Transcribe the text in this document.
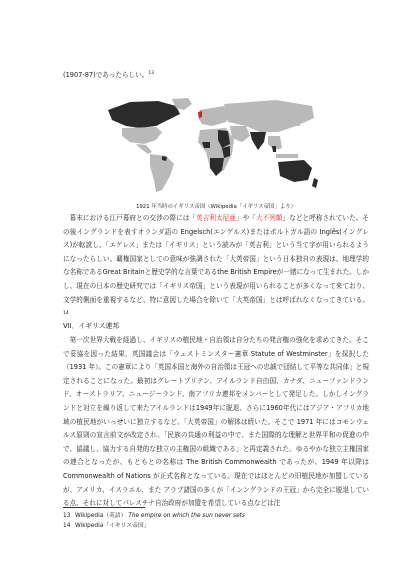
(1907-87)であったらしい。$^{13}$

1921 年当時のイギリス帝国（Wikipedia「イギリス帝国」より）

幕末における江戸幕府との交渉の際には「英吉利太尼亜」や「大不列顛」などと呼称されていた。その後イングランドを表すオランダ語の Engelsch(エンゲルス)またはポルトガル語の Inglês(イングレス)が転訛し、「エゲレス」または「イギリス」という読みが「英吉利」という当て字が用いられるようになったらしい。覇権国家としての意味が強調された「大英帝国」という日本独自の表現は、地理学的な名称であるGreat Britainと歴史学的な言葉であるthe British Empireが一緒になって生まれた。しかし、現在の日本の歴史研究では「イギリス帝国」という表現が用いられることが多くなって来ており、文学的側面を重視するなど、特に意図した場合を除いて「大英帝国」とは呼ばれなくなってきている。$^{14}$

VII．イギリス連邦

第一次世界大戦を経過し、イギリスの植民地・自治領は自分たちの発言権の強化を求めてきた。そこで妥協を図った結果、英国議会は「ウェストミンスター憲章 Statute of Westminster」を採択した（1931 年）。この憲章により「英国本国と海外の自治領は王冠への忠誠で団結して平等な共同体」と規定されることになった。最初はグレートブリテン、アイルランド自由国、カナダ、ニューファンドランド、オーストラリア、ニュージーランド、南アフリカ連邦をメンバーとして発足した。しかしイングランドと対立を繰り返して来たアイルランドは1949年に脱退、さらに1960年代にはアジア・アフリカ地域の植民地がいっせいに独立するなど、「大英帝国」の解体は続いた。そこで 1971 年にはコモンウェルス原則の宣言前文が改定され、「民族の共通の利益の中で、また国際的な理解と世界平和の促進の中で、協議し、協力する自発的な独立の主権国の組織である」と再定義された。ゆるやかな独立主権国家の連合となったが、もともとの名称は The British Commonwealth であったが、1949 年以降は Commonwealth of Nations が正式名称となっている。現在ではほとんどの旧植民地が加盟しているが、アメリカ、イスラエル、また アラブ諸国の多くが「インングランドの王冠」から完全に脱退している点、それに対してパレスチナ自治政府が加盟を希望している点などは注

13 Wikipedia（英語） The empire on which the sun never sets
14 Wikipedia「イギリス帝国」
